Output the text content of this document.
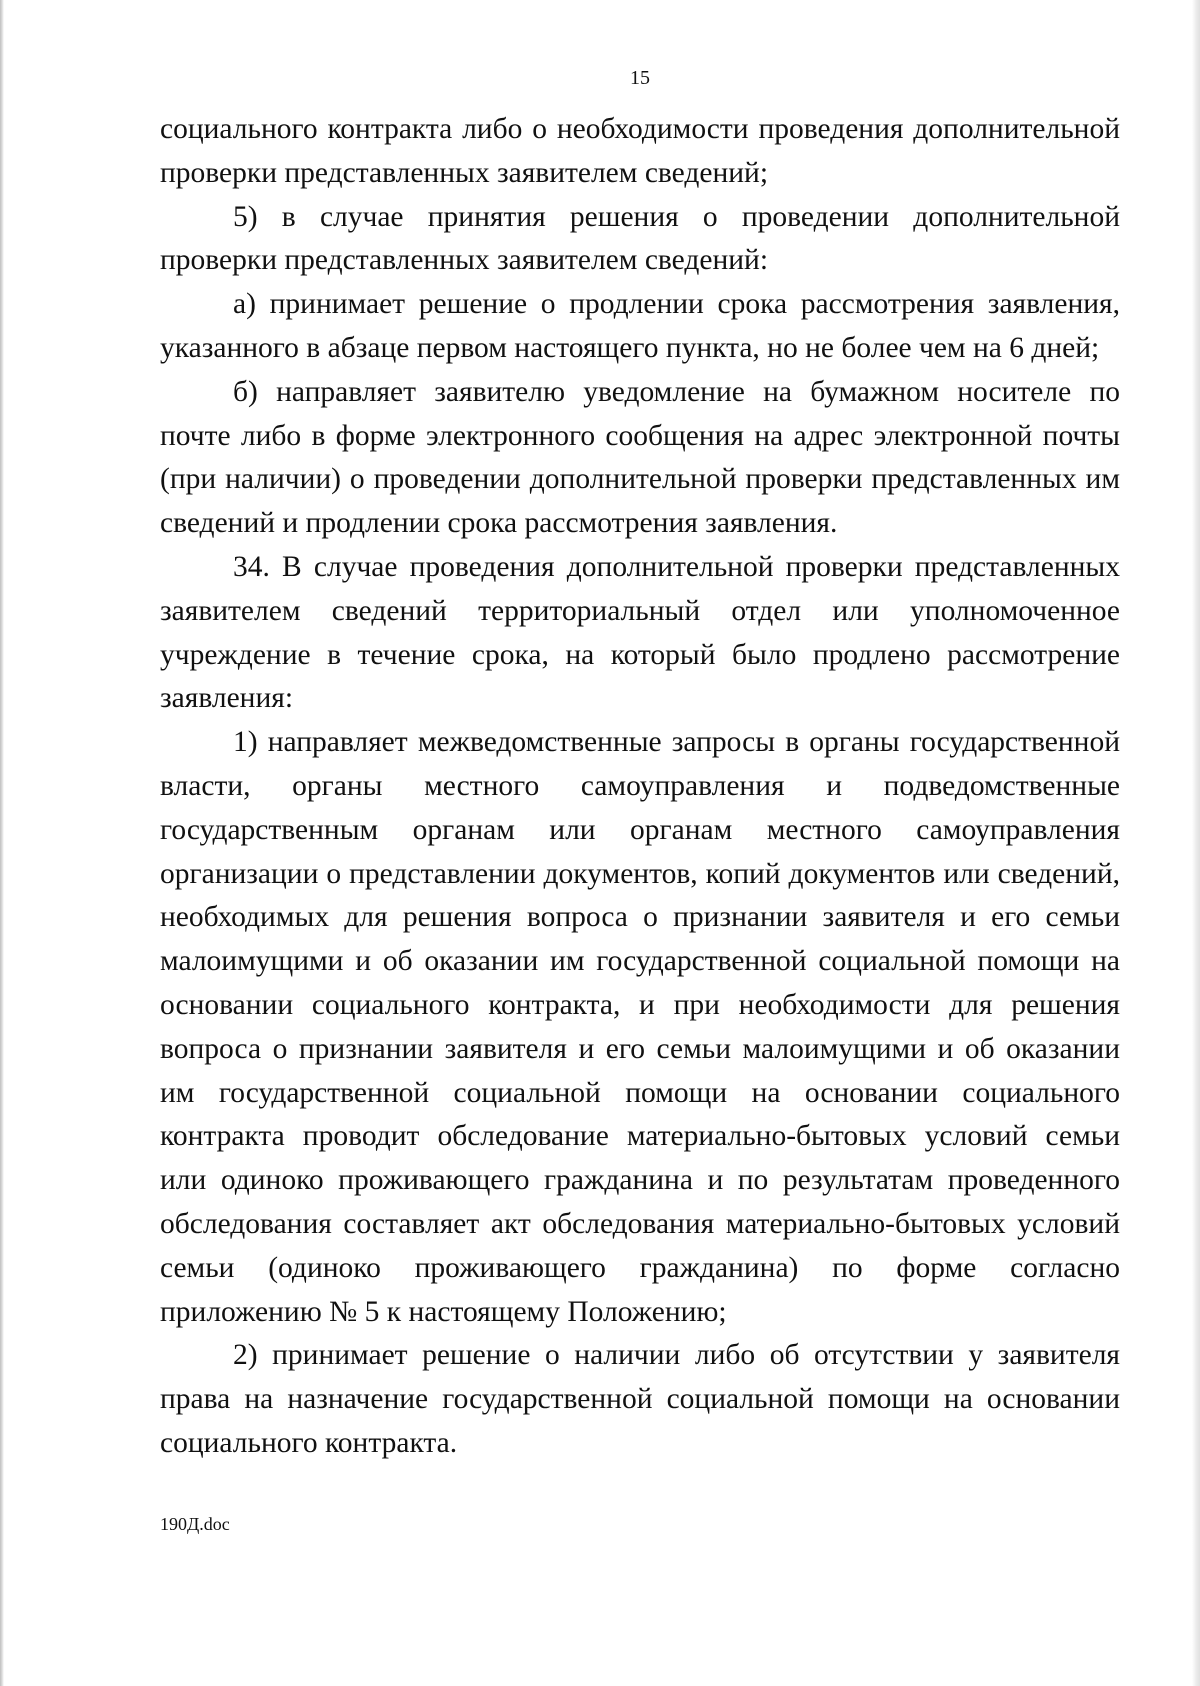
15

социального контракта либо о необходимости проведения дополнительной проверки представленных заявителем сведений;

5) в случае принятия решения о проведении дополнительной проверки представленных заявителем сведений:

а) принимает решение о продлении срока рассмотрения заявления, указанного в абзаце первом настоящего пункта, но не более чем на 6 дней;

б) направляет заявителю уведомление на бумажном носителе по почте либо в форме электронного сообщения на адрес электронной почты (при наличии) о проведении дополнительной проверки представленных им сведений и продлении срока рассмотрения заявления.

34. В случае проведения дополнительной проверки представленных заявителем сведений территориальный отдел или уполномоченное учреждение в течение срока, на который было продлено рассмотрение заявления:

1) направляет межведомственные запросы в органы государственной власти, органы местного самоуправления и подведомственные государственным органам или органам местного самоуправления организации о представлении документов, копий документов или сведений, необходимых для решения вопроса о признании заявителя и его семьи малоимущими и об оказании им государственной социальной помощи на основании социального контракта, и при необходимости для решения вопроса о признании заявителя и его семьи малоимущими и об оказании им государственной социальной помощи на основании социального контракта проводит обследование материально-бытовых условий семьи или одиноко проживающего гражданина и по результатам проведенного обследования составляет акт обследования материально-бытовых условий семьи (одиноко проживающего гражданина) по форме согласно приложению № 5 к настоящему Положению;

2) принимает решение о наличии либо об отсутствии у заявителя права на назначение государственной социальной помощи на основании социального контракта.

190Д.doc
